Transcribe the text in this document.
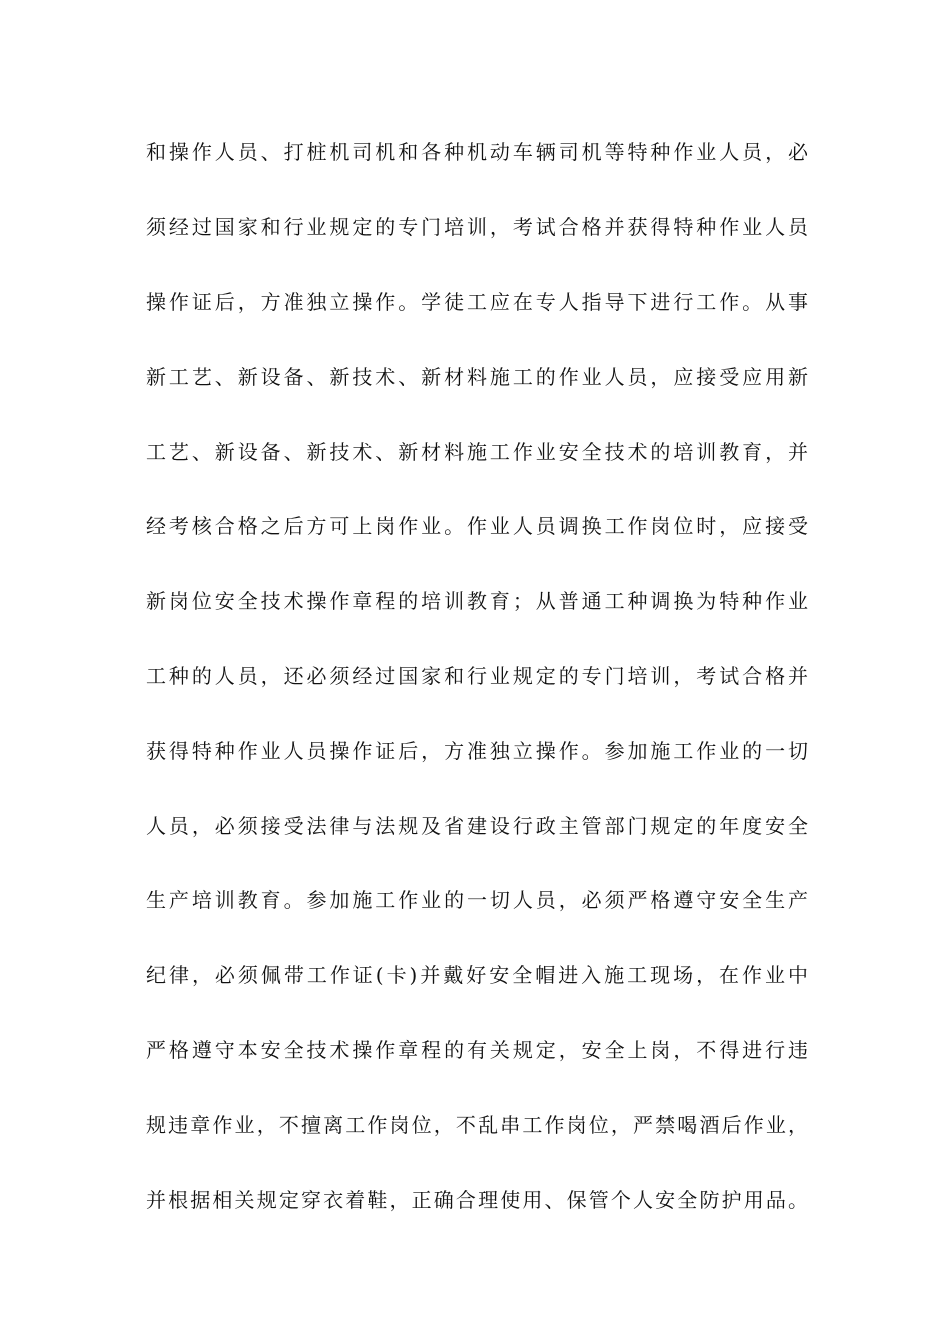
和操作人员、打桩机司机和各种机动车辆司机等特种作业人员，必
须经过国家和行业规定的专门培训，考试合格并获得特种作业人员
操作证后，方准独立操作。学徒工应在专人指导下进行工作。从事
新工艺、新设备、新技术、新材料施工的作业人员，应接受应用新
工艺、新设备、新技术、新材料施工作业安全技术的培训教育，并
经考核合格之后方可上岗作业。作业人员调换工作岗位时，应接受
新岗位安全技术操作章程的培训教育；从普通工种调换为特种作业
工种的人员，还必须经过国家和行业规定的专门培训，考试合格并
获得特种作业人员操作证后，方准独立操作。参加施工作业的一切
人员，必须接受法律与法规及省建设行政主管部门规定的年度安全
生产培训教育。参加施工作业的一切人员，必须严格遵守安全生产
纪律，必须佩带工作证(卡)并戴好安全帽进入施工现场，在作业中
严格遵守本安全技术操作章程的有关规定，安全上岗，不得进行违
规违章作业，不擅离工作岗位，不乱串工作岗位，严禁喝酒后作业，
并根据相关规定穿衣着鞋，正确合理使用、保管个人安全防护用品。
